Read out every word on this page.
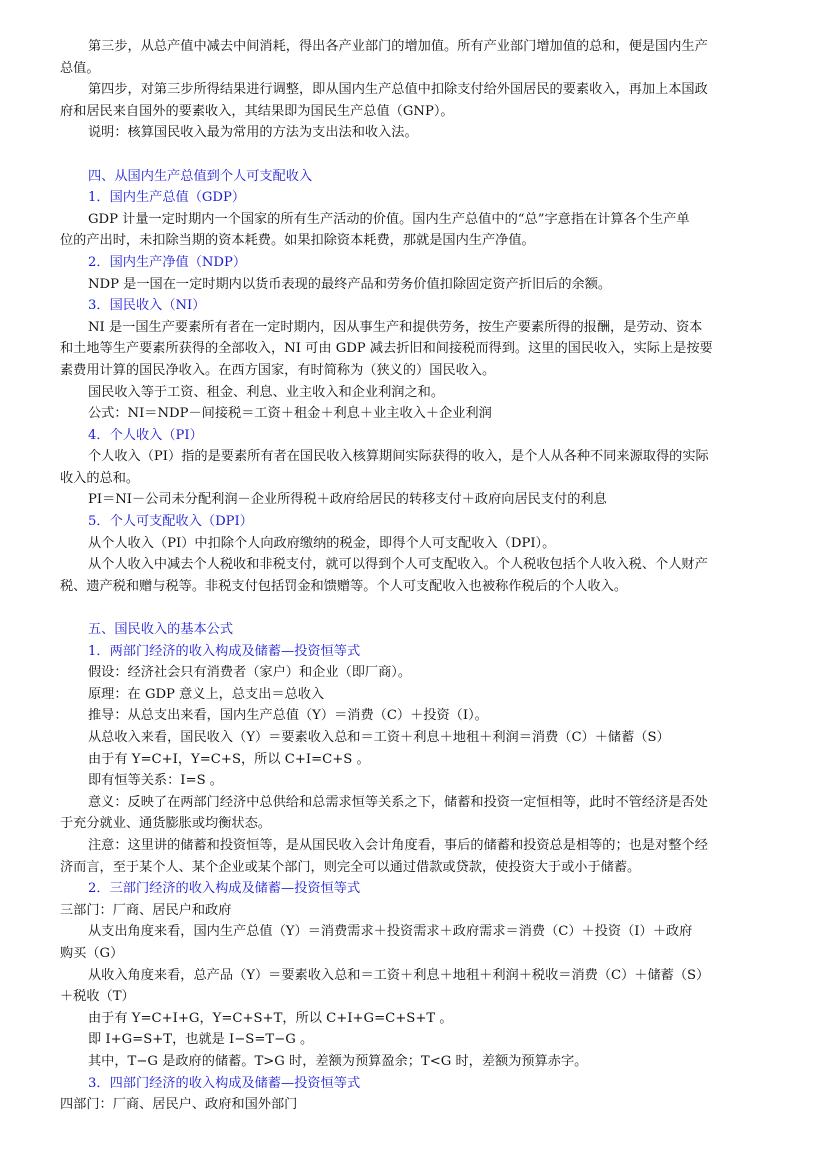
第三步，从总产值中减去中间消耗，得出各产业部门的增加值。所有产业部门增加值的总和，便是国内生产
总值。
第四步，对第三步所得结果进行调整，即从国内生产总值中扣除支付给外国居民的要素收入，再加上本国政
府和居民来自国外的要素收入，其结果即为国民生产总值（GNP）。
说明：核算国民收入最为常用的方法为支出法和收入法。
四、从国内生产总值到个人可支配收入
1．国内生产总值（GDP）
GDP 计量一定时期内一个国家的所有生产活动的价值。国内生产总值中的“总”字意指在计算各个生产单
位的产出时，未扣除当期的资本耗费。如果扣除资本耗费，那就是国内生产净值。
2．国内生产净值（NDP）
NDP 是一国在一定时期内以货币表现的最终产品和劳务价值扣除固定资产折旧后的余额。
3．国民收入（NI）
NI 是一国生产要素所有者在一定时期内，因从事生产和提供劳务，按生产要素所得的报酬，是劳动、资本
和土地等生产要素所获得的全部收入，NI 可由 GDP 减去折旧和间接税而得到。这里的国民收入，实际上是按要
素费用计算的国民净收入。在西方国家，有时简称为（狭义的）国民收入。
国民收入等于工资、租金、利息、业主收入和企业利润之和。
公式：NI＝NDP－间接税＝工资＋租金＋利息＋业主收入＋企业利润
4．个人收入（PI）
个人收入（PI）指的是要素所有者在国民收入核算期间实际获得的收入，是个人从各种不同来源取得的实际
收入的总和。
PI＝NI－公司未分配利润－企业所得税＋政府给居民的转移支付＋政府向居民支付的利息
5．个人可支配收入（DPI）
从个人收入（PI）中扣除个人向政府缴纳的税金，即得个人可支配收入（DPI）。
从个人收入中减去个人税收和非税支付，就可以得到个人可支配收入。个人税收包括个人收入税、个人财产
税、遗产税和赠与税等。非税支付包括罚金和馈赠等。个人可支配收入也被称作税后的个人收入。
五、国民收入的基本公式
1．两部门经济的收入构成及储蓄—投资恒等式
假设：经济社会只有消费者（家户）和企业（即厂商）。
原理：在 GDP 意义上，总支出＝总收入
推导：从总支出来看，国内生产总值（Y）＝消费（C）＋投资（I）。
从总收入来看，国民收入（Y）＝要素收入总和＝工资＋利息＋地租＋利润＝消费（C）＋储蓄（S）
由于有 Y=C+I，Y=C+S，所以 C+I=C+S 。
即有恒等关系：I=S 。
意义：反映了在两部门经济中总供给和总需求恒等关系之下，储蓄和投资一定恒相等，此时不管经济是否处
于充分就业、通货膨胀或均衡状态。
注意：这里讲的储蓄和投资恒等，是从国民收入会计角度看，事后的储蓄和投资总是相等的；也是对整个经
济而言，至于某个人、某个企业或某个部门，则完全可以通过借款或贷款，使投资大于或小于储蓄。
2．三部门经济的收入构成及储蓄—投资恒等式
三部门：厂商、居民户和政府
从支出角度来看，国内生产总值（Y）＝消费需求＋投资需求＋政府需求＝消费（C）＋投资（I）＋政府
购买（G）
从收入角度来看，总产品（Y）＝要素收入总和＝工资＋利息＋地租＋利润＋税收＝消费（C）＋储蓄（S）
＋税收（T）
由于有 Y=C+I+G，Y=C+S+T，所以 C+I+G=C+S+T 。
即 I+G=S+T，也就是 I−S=T−G 。
其中，T−G 是政府的储蓄。T>G 时，差额为预算盈余；T<G 时，差额为预算赤字。
3．四部门经济的收入构成及储蓄—投资恒等式
四部门：厂商、居民户、政府和国外部门
